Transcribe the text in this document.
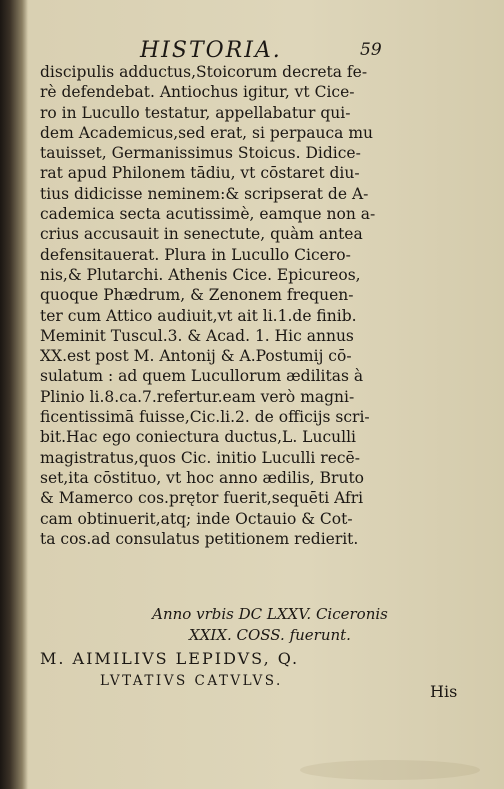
HISTORIA.	59
discipulis adductus,Stoicorum decreta fe-
rè defendebat. Antiochus igitur, vt Cice-
ro in Lucullo testatur, appellabatur qui-
dem Academicus,sed erat, si perpauca mu
tauisset, Germanissimus Stoicus. Didice-
rat apud Philonem tādiu, vt cōstaret diu-
tius didicisse neminem:& scripserat de A-
cademica secta acutissimè, eamque non a-
crius accusauit in senectute, quàm antea
defensitauerat. Plura in Lucullo Cicero-
nis,& Plutarchi. Athenis Cice. Epicureos,
quoque Phædrum, & Zenonem frequen-
ter cum Attico audiuit,vt ait li.1.de finib.
Meminit Tuscul.3. & Acad. 1. Hic annus
XX.est post M. Antonij & A.Postumij cō-
sulatum : ad quem Lucullorum ædilitas à
Plinio li.8.ca.7.refertur.eam verò magni-
ficentissimā fuisse,Cic.li.2. de officijs scri-
bit.Hac ego coniectura ductus,L. Luculli
magistratus,quos Cic. initio Luculli recē-
set,ita cōstituo, vt hoc anno ædilis, Bruto
& Mamerco cos.prętor fuerit,sequēti Afri
cam obtinuerit,atq; inde Octauio & Cot-
ta cos.ad consulatus petitionem redierit.
Anno vrbis DC LXXV. Ciceronis
XXIX. COSS. fuerunt.
M. AIMILIVS LEPIDVS, Q.
LVTATIVS CATVLVS.
His
